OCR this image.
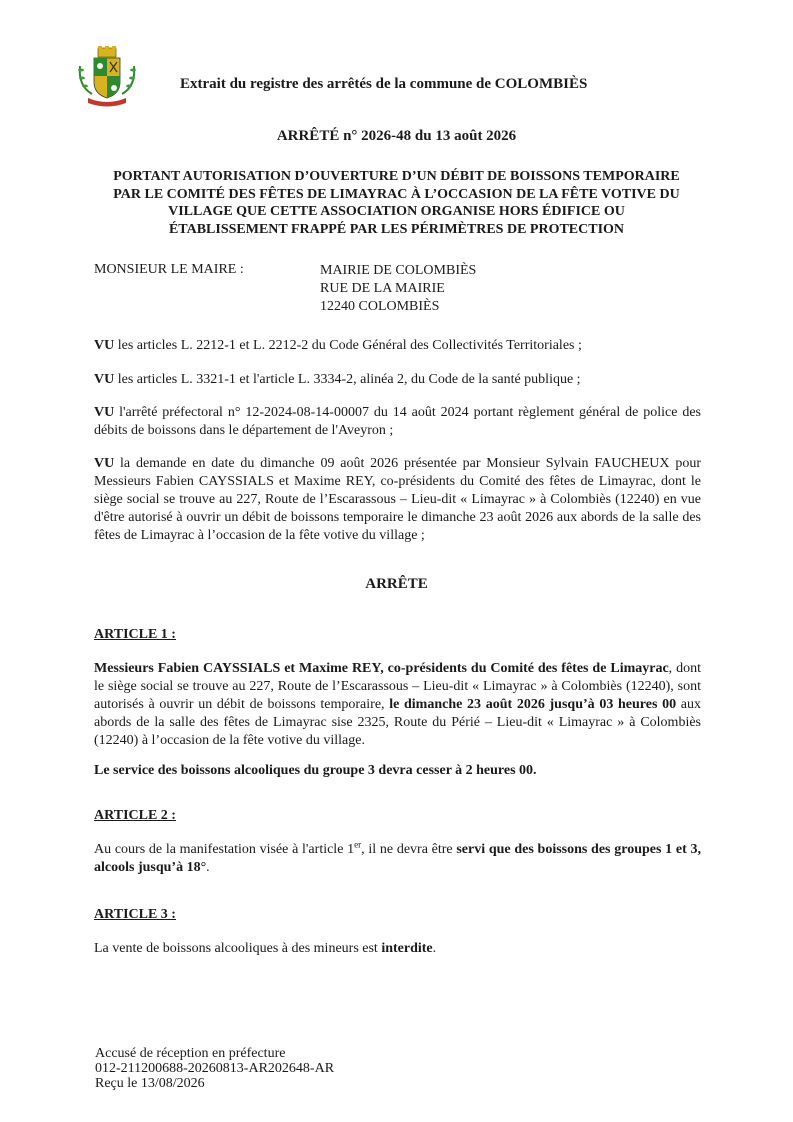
Extrait du registre des arrêtés de la commune de COLOMBIÈS
ARRÊTÉ n° 2026-48 du 13 août 2026
PORTANT AUTORISATION D’OUVERTURE D’UN DÉBIT DE BOISSONS TEMPORAIRE
PAR LE COMITÉ DES FÊTES DE LIMAYRAC À L’OCCASION DE LA FÊTE VOTIVE DU
VILLAGE QUE CETTE ASSOCIATION ORGANISE HORS ÉDIFICE OU
ÉTABLISSEMENT FRAPPÉ PAR LES PÉRIMÈTRES DE PROTECTION
MONSIEUR LE MAIRE :	MAIRIE DE COLOMBIÈS
RUE DE LA MAIRIE
12240 COLOMBIÈS
VU les articles L. 2212-1 et L. 2212-2 du Code Général des Collectivités Territoriales ;
VU les articles L. 3321-1 et l'article L. 3334-2, alinéa 2, du Code de la santé publique ;
VU l'arrêté préfectoral n° 12-2024-08-14-00007 du 14 août 2024 portant règlement général de police des débits de boissons dans le département de l'Aveyron ;
VU la demande en date du dimanche 09 août 2026 présentée par Monsieur Sylvain FAUCHEUX pour Messieurs Fabien CAYSSIALS et Maxime REY, co-présidents du Comité des fêtes de Limayrac, dont le siège social se trouve au 227, Route de l’Escarassous – Lieu-dit « Limayrac » à Colombiès (12240) en vue d'être autorisé à ouvrir un débit de boissons temporaire le dimanche 23 août 2026 aux abords de la salle des fêtes de Limayrac à l’occasion de la fête votive du village ;
ARRÊTE
ARTICLE 1 :
Messieurs Fabien CAYSSIALS et Maxime REY, co-présidents du Comité des fêtes de Limayrac, dont le siège social se trouve au 227, Route de l’Escarassous – Lieu-dit « Limayrac » à Colombiès (12240), sont autorisés à ouvrir un débit de boissons temporaire, le dimanche 23 août 2026 jusqu’à 03 heures 00 aux abords de la salle des fêtes de Limayrac sise 2325, Route du Périé – Lieu-dit « Limayrac » à Colombiès (12240) à l’occasion de la fête votive du village.
Le service des boissons alcooliques du groupe 3 devra cesser à 2 heures 00.
ARTICLE 2 :
Au cours de la manifestation visée à l'article 1er, il ne devra être servi que des boissons des groupes 1 et 3, alcools jusqu’à 18°.
ARTICLE 3 :
La vente de boissons alcooliques à des mineurs est interdite.
Accusé de réception en préfecture
012-211200688-20260813-AR202648-AR
Reçu le 13/08/2026
